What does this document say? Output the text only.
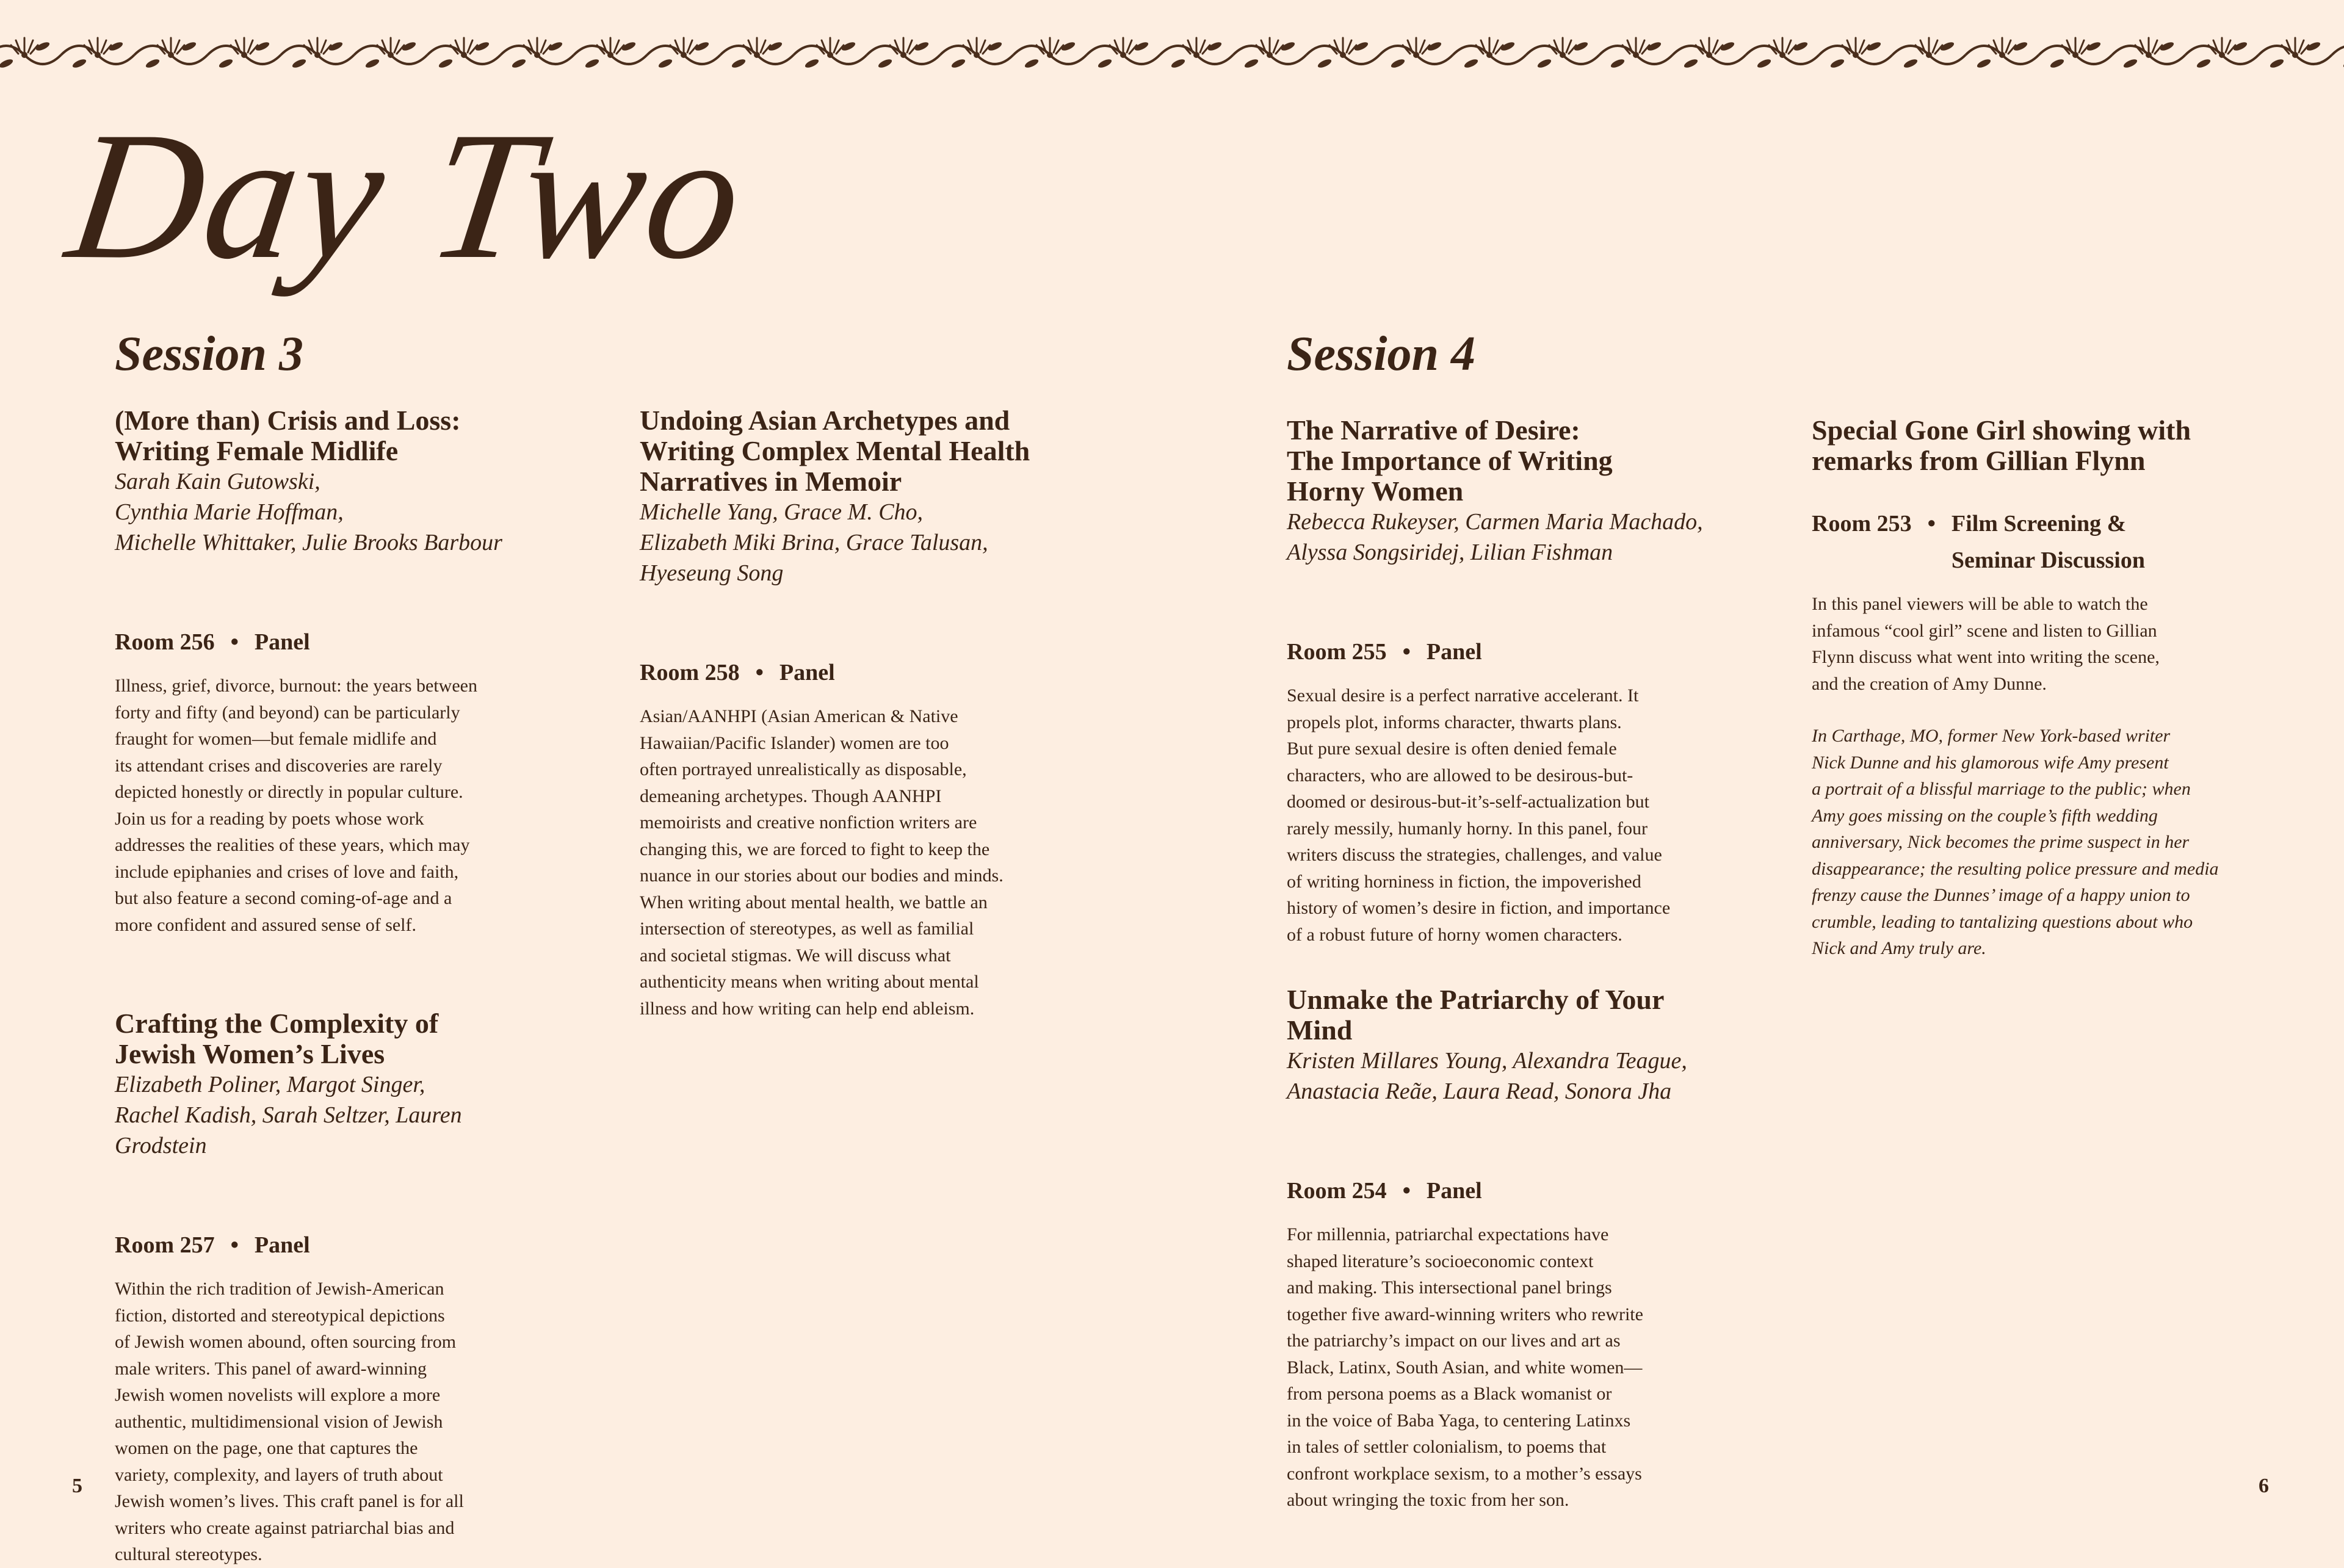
Day Two
Session 3
(More than) Crisis and Loss:
Writing Female Midlife
Sarah Kain Gutowski,
Cynthia Marie Hoffman,
Michelle Whittaker, Julie Brooks Barbour

Room 256 • Panel

Illness, grief, divorce, burnout: the years between
forty and fifty (and beyond) can be particularly
fraught for women—but female midlife and
its attendant crises and discoveries are rarely
depicted honestly or directly in popular culture.
Join us for a reading by poets whose work
addresses the realities of these years, which may
include epiphanies and crises of love and faith,
but also feature a second coming-of-age and a
more confident and assured sense of self.
Crafting the Complexity of
Jewish Women’s Lives
Elizabeth Poliner, Margot Singer,
Rachel Kadish, Sarah Seltzer, Lauren Grodstein

Room 257 • Panel

Within the rich tradition of Jewish-American
fiction, distorted and stereotypical depictions
of Jewish women abound, often sourcing from
male writers. This panel of award-winning
Jewish women novelists will explore a more
authentic, multidimensional vision of Jewish
women on the page, one that captures the
variety, complexity, and layers of truth about
Jewish women’s lives. This craft panel is for all
writers who create against patriarchal bias and
cultural stereotypes.
Undoing Asian Archetypes and
Writing Complex Mental Health
Narratives in Memoir
Michelle Yang, Grace M. Cho,
Elizabeth Miki Brina, Grace Talusan,
Hyeseung Song

Room 258 • Panel

Asian/AANHPI (Asian American & Native
Hawaiian/Pacific Islander) women are too
often portrayed unrealistically as disposable,
demeaning archetypes. Though AANHPI
memoirists and creative nonfiction writers are
changing this, we are forced to fight to keep the
nuance in our stories about our bodies and minds.
When writing about mental health, we battle an
intersection of stereotypes, as well as familial
and societal stigmas. We will discuss what
authenticity means when writing about mental
illness and how writing can help end ableism.
5
Session 4
The Narrative of Desire:
The Importance of Writing
Horny Women
Rebecca Rukeyser, Carmen Maria Machado,
Alyssa Songsiridej, Lilian Fishman

Room 255 • Panel

Sexual desire is a perfect narrative accelerant. It
propels plot, informs character, thwarts plans.
But pure sexual desire is often denied female
characters, who are allowed to be desirous-but-
doomed or desirous-but-it’s-self-actualization but
rarely messily, humanly horny. In this panel, four
writers discuss the strategies, challenges, and value
of writing horniness in fiction, the impoverished
history of women’s desire in fiction, and importance
of a robust future of horny women characters.
Unmake the Patriarchy of Your
Mind
Kristen Millares Young, Alexandra Teague,
Anastacia Reãe, Laura Read, Sonora Jha

Room 254 • Panel

For millennia, patriarchal expectations have
shaped literature’s socioeconomic context
and making. This intersectional panel brings
together five award-winning writers who rewrite
the patriarchy’s impact on our lives and art as
Black, Latinx, South Asian, and white women—
from persona poems as a Black womanist or
in the voice of Baba Yaga, to centering Latinxs
in tales of settler colonialism, to poems that
confront workplace sexism, to a mother’s essays
about wringing the toxic from her son.
Special Gone Girl showing with
remarks from Gillian Flynn
Room 253 • Film Screening &
Seminar Discussion
In this panel viewers will be able to watch the
infamous “cool girl” scene and listen to Gillian
Flynn discuss what went into writing the scene,
and the creation of Amy Dunne.
In Carthage, MO, former New York-based writer
Nick Dunne and his glamorous wife Amy present
a portrait of a blissful marriage to the public; when
Amy goes missing on the couple’s fifth wedding
anniversary, Nick becomes the prime suspect in her
disappearance; the resulting police pressure and media
frenzy cause the Dunnes’ image of a happy union to
crumble, leading to tantalizing questions about who
Nick and Amy truly are.
6
